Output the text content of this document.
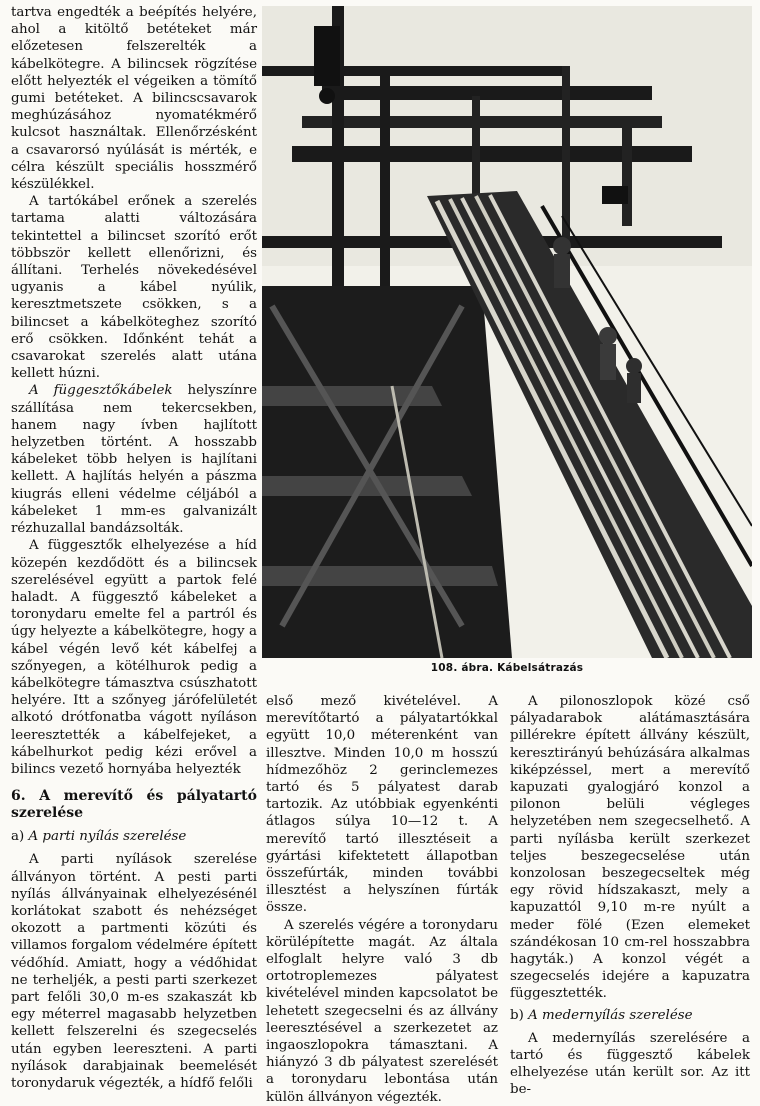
tartva engedték a beépítés helyére, ahol a kitöltő betéteket már előzetesen felszerelték a kábelkötegre. A bilincsek rögzítése előtt helyezték el végeiken a tömítő gumi betéteket. A bilincscsavarok meghúzásához nyomatékmérő kulcsot használtak. Ellenőrzésként a csavarorsó nyúlását is mérték, e célra készült speciális hosszmérő készülékkel.

A tartókábel erőnek a szerelés tartama alatti változására tekintettel a bilincset szorító erőt többször kellett ellenőrizni, és állítani. Terhelés növekedésével ugyanis a kábel nyúlik, keresztmetszete csökken, s a bilincset a kábelköteghez szorító erő csökken. Időnként tehát a csavarokat szerelés alatt utána kellett húzni.

A függesztőkábelek helyszínre szállítása nem tekercsekben, hanem nagy ívben hajlított helyzetben történt. A hosszabb kábeleket több helyen is hajlítani kellett. A hajlítás helyén a pászma kiugrás elleni védelme céljából a kábeleket 1 mm-es galvanizált rézhuzallal bandázsolták.

A függesztők elhelyezése a híd közepén kezdődött és a bilincsek szerelésével együtt a partok felé haladt. A függesztő kábeleket a toronydaru emelte fel a partról és úgy helyezte a kábelkötegre, hogy a kábel végén levő két kábelfej a szőnyegen, a kötélhurok pedig a kábelkötegre támasztva csúszhatott helyére. Itt a szőnyeg járófelületét alkotó drótfonatba vágott nyíláson leeresztették a kábelfejeket, a kábelhurkot pedig kézi erővel a bilincs vezető hornyába helyezték

6. A merevítő és pályatartó szerelése

a) A parti nyílás szerelése

A parti nyílások szerelése állványon történt. A pesti parti nyílás állványainak elhelyezésénél korlátokat szabott és nehézséget okozott a partmenti közúti és villamos forgalom védelmére épített védőhíd. Amiatt, hogy a védőhidat ne terheljék, a pesti parti szerkezet part felőli 30,0 m-es szakaszát kb egy méterrel magasabb helyzetben kellett felszerelni és szegecselés után egyben leereszteni. A parti nyílások darabjainak beemelését toronydaruk végezték, a hídfő felőli

108. ábra. Kábelsátrazás

első mező kivételével. A merevítőtartó a pályatartókkal együtt 10,0 méterenként van illesztve. Minden 10,0 m hosszú hídmezőhöz 2 gerinclemezes tartó és 5 pályatest darab tartozik. Az utóbbiak egyenkénti átlagos súlya 10—12 t. A merevítő tartó illesztéseit a gyártási kifektetett állapotban összefúrták, minden további illesztést a helyszínen fúrták össze.

A szerelés végére a toronydaru körülépítette magát. Az általa elfoglalt helyre való 3 db ortotroplemezes pályatest kivételével minden kapcsolatot be lehetett szegecselni és az állvány leeresztésével a szerkezetet az ingaoszlopokra támasztani. A hiányzó 3 db pályatest szerelését a toronydaru lebontása után külön állványon végezték.

A pilonoszlopok közé cső pályadarabok alátámasztására pillérekre épített állvány készült, keresztirányú behúzására alkalmas kiképzéssel, mert a merevítő kapuzati gyalogjáró konzol a pilonon belüli végleges helyzetében nem szegecselhető. A parti nyílásba került szerkezet teljes beszegecselése után konzolosan beszegecseltek még egy rövid hídszakaszt, mely a kapuzattól 9,10 m-re nyúlt a meder fölé (Ezen elemeket szándékosan 10 cm-rel hosszabbra hagyták.) A konzol végét a szegecselés idejére a kapuzatra függesztették.

b) A medernyílás szerelése

A medernyílás szerelésére a tartó és függesztő kábelek elhelyezése után került sor. Az itt be-
